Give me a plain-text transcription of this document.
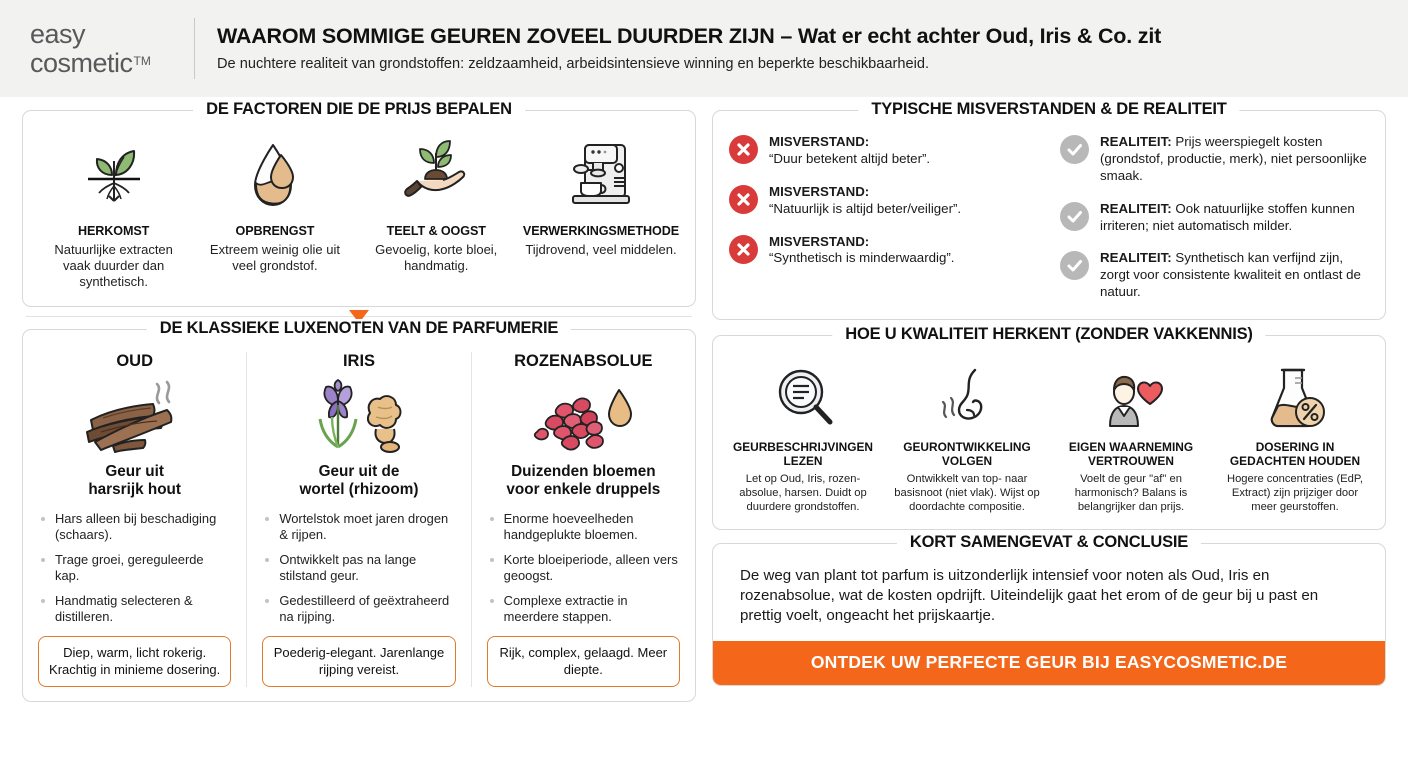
easy
cosmetic™
WAAROM SOMMIGE GEUREN ZOVEEL DUURDER ZIJN – Wat er echt achter Oud, Iris & Co. zit
De nuchtere realiteit van grondstoffen: zeldzaamheid, arbeidsintensieve winning en beperkte beschikbaarheid.
DE FACTOREN DIE DE PRIJS BEPALEN
HERKOMST
Natuurlijke extracten vaak duurder dan synthetisch.
OPBRENGST
Extreem weinig olie uit veel grondstof.
TEELT & OOGST
Gevoelig, korte bloei, handmatig.
VERWERKINGSMETHODE
Tijdrovend, veel middelen.
DE KLASSIEKE LUXENOTEN VAN DE PARFUMERIE
OUD
Geur uit
harsrijk hout
Hars alleen bij beschadiging (schaars).
Trage groei, gereguleerde kap.
Handmatig selecteren & distilleren.
Diep, warm, licht rokerig. Krachtig in minieme dosering.
IRIS
Geur uit de
wortel (rhizoom)
Wortelstok moet jaren drogen & rijpen.
Ontwikkelt pas na lange stilstand geur.
Gedestilleerd of geëxtraheerd na rijping.
Poederig-elegant. Jarenlange rijping vereist.
ROZENABSOLUE
Duizenden bloemen
voor enkele druppels
Enorme hoeveelheden handgeplukte bloemen.
Korte bloeiperiode, alleen vers geoogst.
Complexe extractie in meerdere stappen.
Rijk, complex, gelaagd. Meer diepte.
TYPISCHE MISVERSTANDEN & DE REALITEIT
MISVERSTAND:
“Duur betekent altijd beter”.
MISVERSTAND:
“Natuurlijk is altijd beter/veiliger”.
MISVERSTAND:
“Synthetisch is minderwaardig”.
REALITEIT: Prijs weerspiegelt kosten (grondstof, productie, merk), niet persoonlijke smaak.
REALITEIT: Ook natuurlijke stoffen kunnen irriteren; niet automatisch milder.
REALITEIT: Synthetisch kan verfijnd zijn, zorgt voor consistente kwaliteit en ontlast de natuur.
HOE U KWALITEIT HERKENT (ZONDER VAKKENNIS)
GEURBESCHRIJVINGEN LEZEN
Let op Oud, Iris, rozen-absolue, harsen. Duidt op duurdere grondstoffen.
GEURONTWIKKELING VOLGEN
Ontwikkelt van top- naar basisnoot (niet vlak). Wijst op doordachte compositie.
EIGEN WAARNEMING VERTROUWEN
Voelt de geur "af" en harmonisch? Balans is belangrijker dan prijs.
DOSERING IN GEDACHTEN HOUDEN
Hogere concentraties (EdP, Extract) zijn prijziger door meer geurstoffen.
KORT SAMENGEVAT & CONCLUSIE
De weg van plant tot parfum is uitzonderlijk intensief voor noten als Oud, Iris en rozenabsolue, wat de kosten opdrijft. Uiteindelijk gaat het erom of de geur bij u past en prettig voelt, ongeacht het prijskaartje.
ONTDEK UW PERFECTE GEUR BIJ EASYCOSMETIC.DE
